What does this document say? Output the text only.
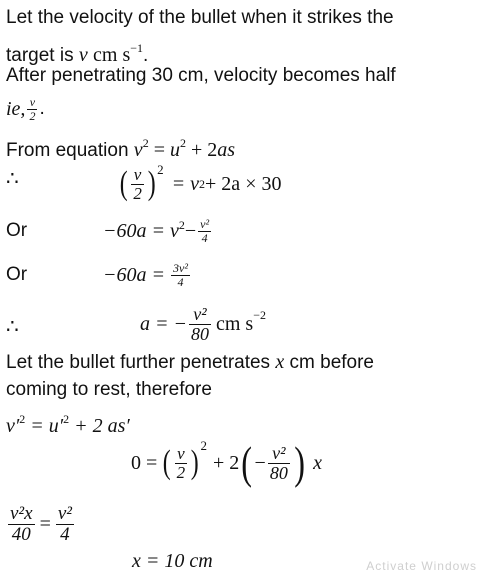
Let the velocity of the bullet when it strikes the
target is v cm $s^{-1}$.
After penetrating 30 cm, velocity becomes half
ie, $\frac{v}{2}$ .
From equation $v^2 = u^2 + 2as$
∴	( $\frac{v}{2}$ ) 2
= v 2 + 2a × 30
Or	−60a = v $2 - \frac{\text{v²}}{4}$
Or	$-60a = \frac{\text{3v²}}{4}$
∴	a = − $\frac{\text{v²}}{80}$ cm s −2
Let the bullet further penetrates x cm before
coming to rest, therefore
$v'^2 = u'^2 + 2$ as′
0 = ( $\frac{v}{2}$ ) 2
+ 2 ( − $\frac{\text{v²}}{80}$ ) x
$\frac{\text{v²x}}{40} = \frac{\text{v²}}{4}$
x = 10 cm	Activate Windows
